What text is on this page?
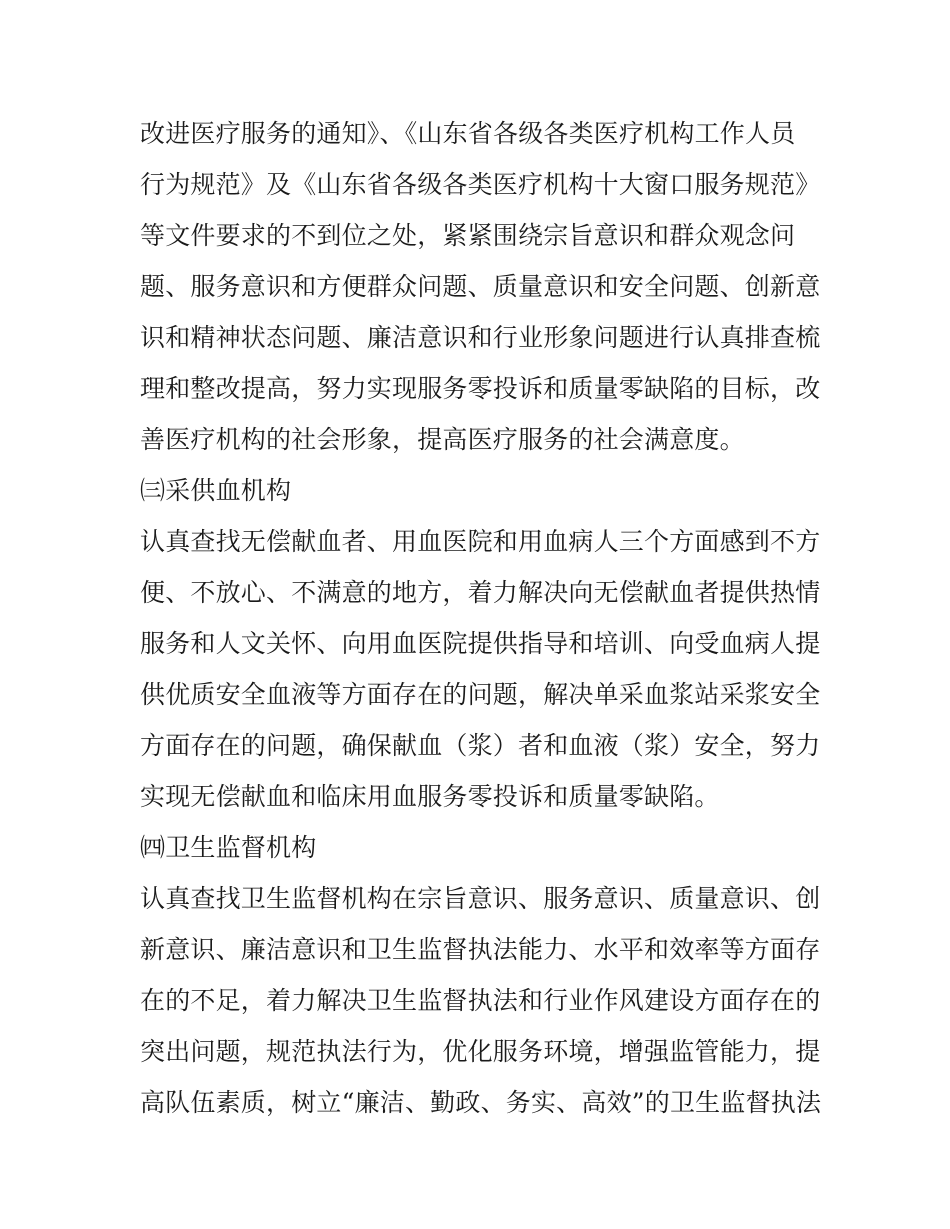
改进医疗服务的通知》、《山东省各级各类医疗机构工作人员
行为规范》及《山东省各级各类医疗机构十大窗口服务规范》
等文件要求的不到位之处，紧紧围绕宗旨意识和群众观念问
题、服务意识和方便群众问题、质量意识和安全问题、创新意
识和精神状态问题、廉洁意识和行业形象问题进行认真排查梳
理和整改提高，努力实现服务零投诉和质量零缺陷的目标，改
善医疗机构的社会形象，提高医疗服务的社会满意度。
㈢采供血机构
认真查找无偿献血者、用血医院和用血病人三个方面感到不方
便、不放心、不满意的地方，着力解决向无偿献血者提供热情
服务和人文关怀、向用血医院提供指导和培训、向受血病人提
供优质安全血液等方面存在的问题，解决单采血浆站采浆安全
方面存在的问题，确保献血（浆）者和血液（浆）安全，努力
实现无偿献血和临床用血服务零投诉和质量零缺陷。
㈣卫生监督机构
认真查找卫生监督机构在宗旨意识、服务意识、质量意识、创
新意识、廉洁意识和卫生监督执法能力、水平和效率等方面存
在的不足，着力解决卫生监督执法和行业作风建设方面存在的
突出问题，规范执法行为，优化服务环境，增强监管能力，提
高队伍素质，树立“廉洁、勤政、务实、高效”的卫生监督执法
